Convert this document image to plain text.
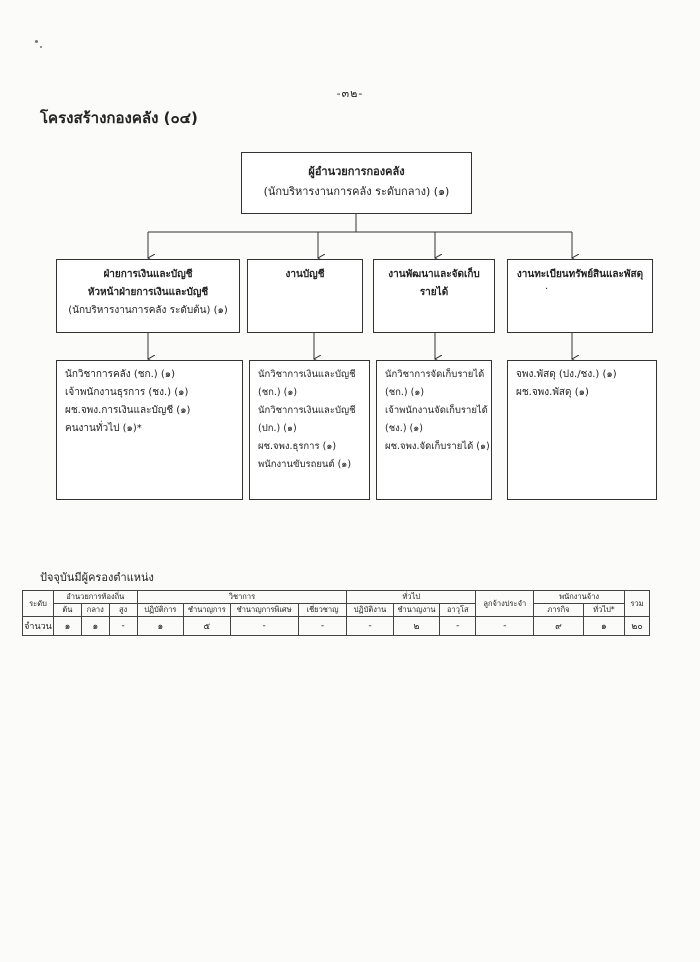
-๓๒-
โครงสร้างกองคลัง (๐๔)
ผู้อำนวยการกองคลัง
(นักบริหารงานการคลัง ระดับกลาง) (๑)
ฝ่ายการเงินและบัญชี
หัวหน้าฝ่ายการเงินและบัญชี
(นักบริหารงานการคลัง ระดับต้น) (๑)
งานบัญชี	งานพัฒนาและจัดเก็บ
รายได้
งานทะเบียนทรัพย์สินและพัสดุ
·
นักวิชาการคลัง (ชก.) (๑)
เจ้าพนักงานธุรการ (ชง.) (๑)
ผช.จพง.การเงินและบัญชี (๑)
คนงานทั่วไป (๑)*
นักวิชาการเงินและบัญชี
(ชก.) (๑)
นักวิชาการเงินและบัญชี
(ปก.) (๑)
ผช.จพง.ธุรการ (๑)
พนักงานขับรถยนต์ (๑)
นักวิชาการจัดเก็บรายได้
(ชก.) (๑)
เจ้าพนักงานจัดเก็บรายได้
(ชง.) (๑)
ผช.จพง.จัดเก็บรายได้ (๑)
จพง.พัสดุ (ปง./ชง.) (๑)
ผช.จพง.พัสดุ (๑)
ปัจจุบันมีผู้ครองตำแหน่ง
ระดับ	อำนวยการท้องถิ่น			วิชาการ				ทั่วไป			ลูกจ้างประจำ	พนักงานจ้าง		รวม
	ต้น	กลาง	สูง	ปฏิบัติการ	ชำนาญการ	ชำนาญการพิเศษ	เชี่ยวชาญ	ปฏิบัติงาน	ชำนาญงาน	อาวุโส		ภารกิจ	ทั่วไป*	
จำนวน	๑	๑	-	๑	๕	-	-	-	๒	-	-	๙	๑	๒๐
